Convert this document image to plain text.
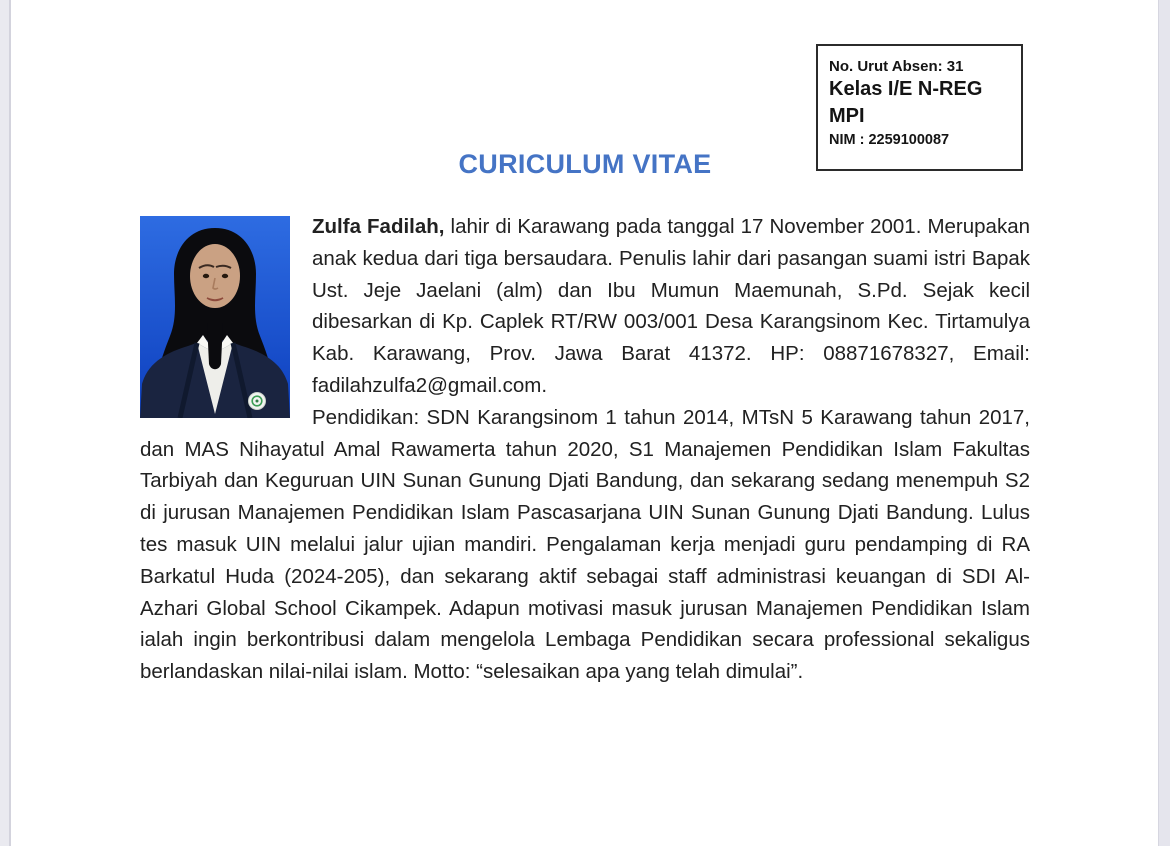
No. Urut Absen: 31
Kelas I/E N-REG
MPI
NIM : 2259100087
CURICULUM VITAE

Zulfa Fadilah, lahir di Karawang pada tanggal 17 November 2001. Merupakan anak kedua dari tiga bersaudara. Penulis lahir dari pasangan suami istri Bapak Ust. Jeje Jaelani (alm) dan Ibu Mumun Maemunah, S.Pd. Sejak kecil dibesarkan di Kp. Caplek RT/RW 003/001 Desa Karangsinom Kec. Tirtamulya Kab. Karawang, Prov. Jawa Barat 41372. HP: 08871678327, Email: fadilahzulfa2@gmail.com.

Pendidikan: SDN Karangsinom 1 tahun 2014, MTsN 5 Karawang tahun 2017, dan MAS Nihayatul Amal Rawamerta tahun 2020, S1 Manajemen Pendidikan Islam Fakultas Tarbiyah dan Keguruan UIN Sunan Gunung Djati Bandung, dan sekarang sedang menempuh S2 di jurusan Manajemen Pendidikan Islam Pascasarjana UIN Sunan Gunung Djati Bandung. Lulus tes masuk UIN melalui jalur ujian mandiri. Pengalaman kerja menjadi guru pendamping di RA Barkatul Huda (2024-205), dan sekarang aktif sebagai staff administrasi keuangan di SDI Al-Azhari Global School Cikampek. Adapun motivasi masuk jurusan Manajemen Pendidikan Islam ialah ingin berkontribusi dalam mengelola Lembaga Pendidikan secara professional sekaligus berlandaskan nilai-nilai islam. Motto: “selesaikan apa yang telah dimulai”.
